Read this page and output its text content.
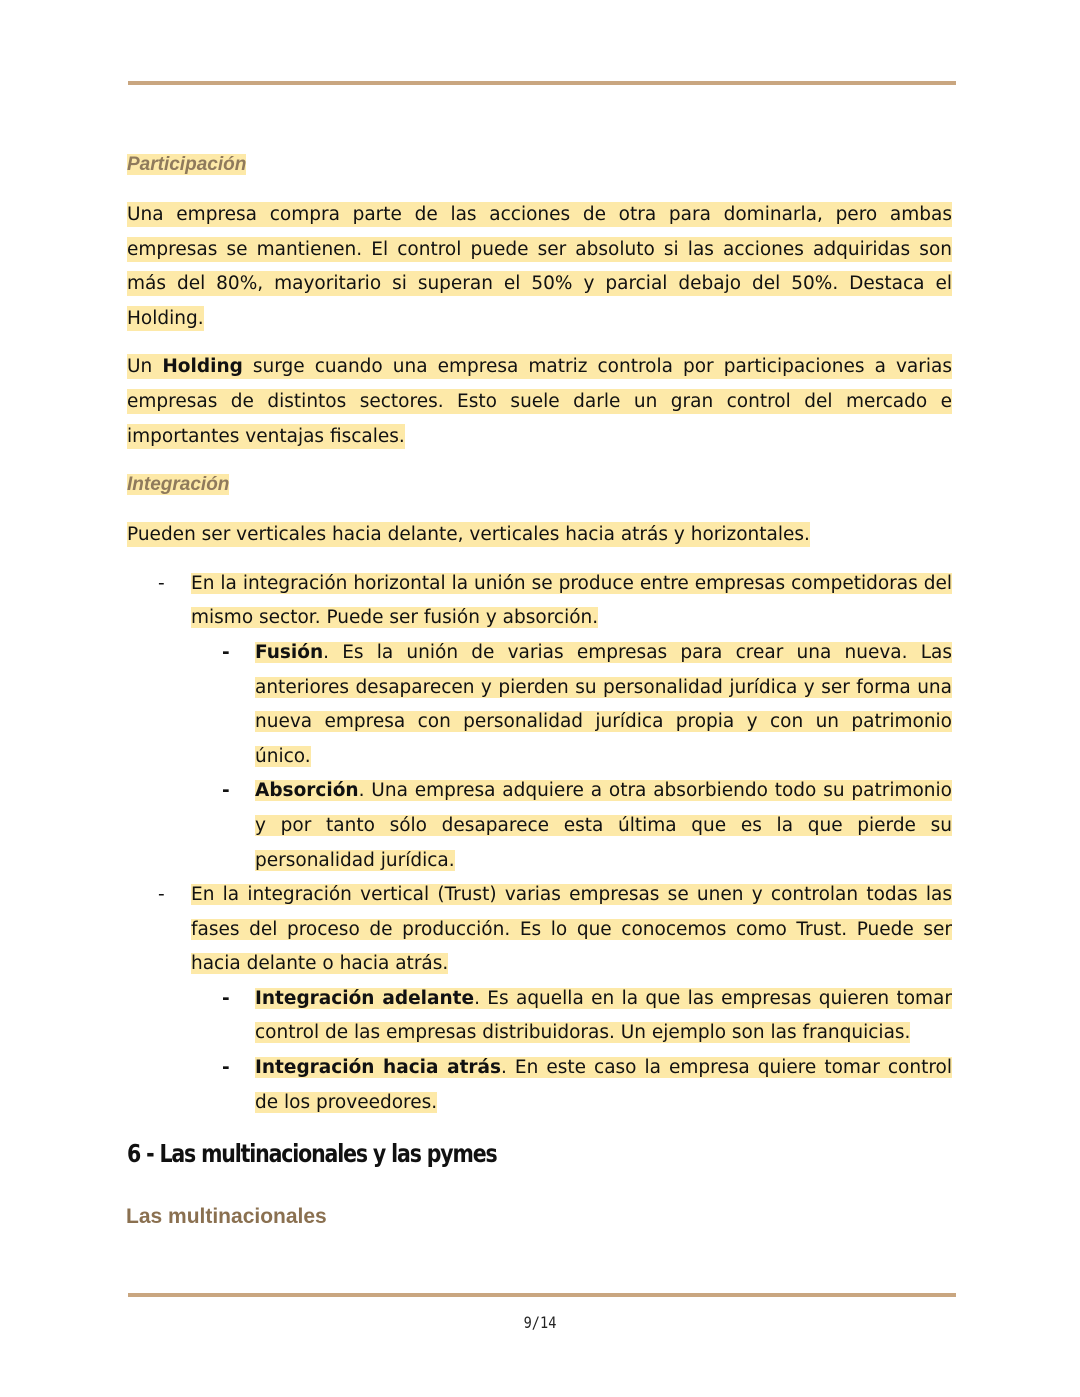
Participación

Una empresa compra parte de las acciones de otra para dominarla, pero ambas empresas se mantienen. El control puede ser absoluto si las acciones adquiridas son más del 80%, mayoritario si superan el 50% y parcial debajo del 50%. Destaca el Holding.

Un Holding surge cuando una empresa matriz controla por participaciones a varias empresas de distintos sectores. Esto suele darle un gran control del mercado e importantes ventajas fiscales.

Integración

Pueden ser verticales hacia delante, verticales hacia atrás y horizontales.

- En la integración horizontal la unión se produce entre empresas competidoras del mismo sector. Puede ser fusión y absorción.
- Fusión. Es la unión de varias empresas para crear una nueva. Las anteriores desaparecen y pierden su personalidad jurídica y ser forma una nueva empresa con personalidad jurídica propia y con un patrimonio único.
- Absorción. Una empresa adquiere a otra absorbiendo todo su patrimonio y por tanto sólo desaparece esta última que es la que pierde su personalidad jurídica.
- En la integración vertical (Trust) varias empresas se unen y controlan todas las fases del proceso de producción. Es lo que conocemos como Trust. Puede ser hacia delante o hacia atrás.
- Integración adelante. Es aquella en la que las empresas quieren tomar control de las empresas distribuidoras. Un ejemplo son las franquicias.
- Integración hacia atrás. En este caso la empresa quiere tomar control de los proveedores.
6 - Las multinacionales y las pymes
Las multinacionales
9/14
